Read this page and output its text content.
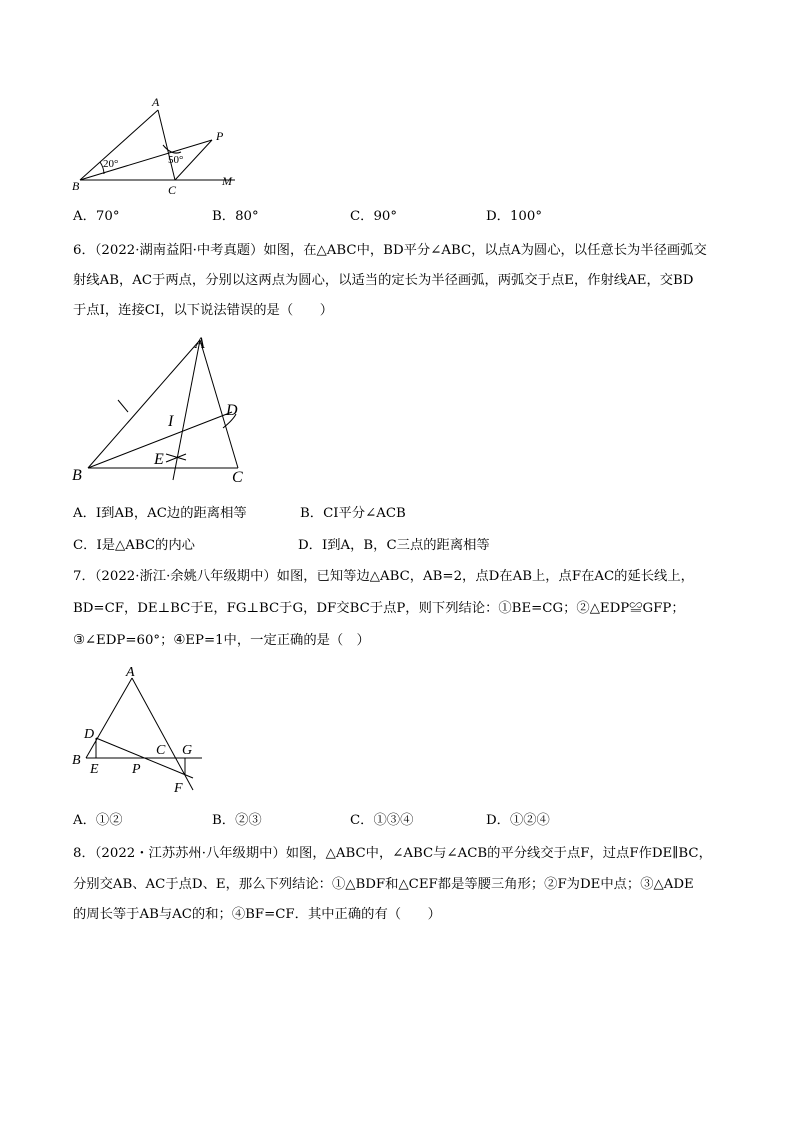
A
B	C
P
M
20°	50°
A．70°	B．80°	C．90°	D．100°
6．（2022·湖南益阳·中考真题）如图，在△ABC中，BD平分∠ABC，以点A为圆心，以任意长为半径画弧交
射线AB，AC于两点，分别以这两点为圆心，以适当的定长为半径画弧，两弧交于点E，作射线AE，交BD
于点I，连接CI，以下说法错误的是（　　）
A
B	C
D
I
E
A．I到AB，AC边的距离相等	B．CI平分∠ACB
C．I是△ABC的内心	D．I到A，B，C三点的距离相等
7．（2022·浙江·余姚八年级期中）如图，已知等边△ABC，AB=2，点D在AB上，点F在AC的延长线上，
BD=CF，DE⊥BC于E，FG⊥BC于G，DF交BC于点P，则下列结论：①BE=CG；②△EDP≌GFP；
③∠EDP=60°；④EP=1中，一定正确的是（　）
A
B
D
E P
C G
F
A．①②	B．②③	C．①③④	D．①②④
8．（2022・江苏苏州·八年级期中）如图，△ABC中，∠ABC与∠ACB的平分线交于点F，过点F作DE∥BC，
分别交AB、AC于点D、E，那么下列结论：①△BDF和△CEF都是等腰三角形；②F为DE中点；③△ADE
的周长等于AB与AC的和；④BF=CF．其中正确的有（　　）
